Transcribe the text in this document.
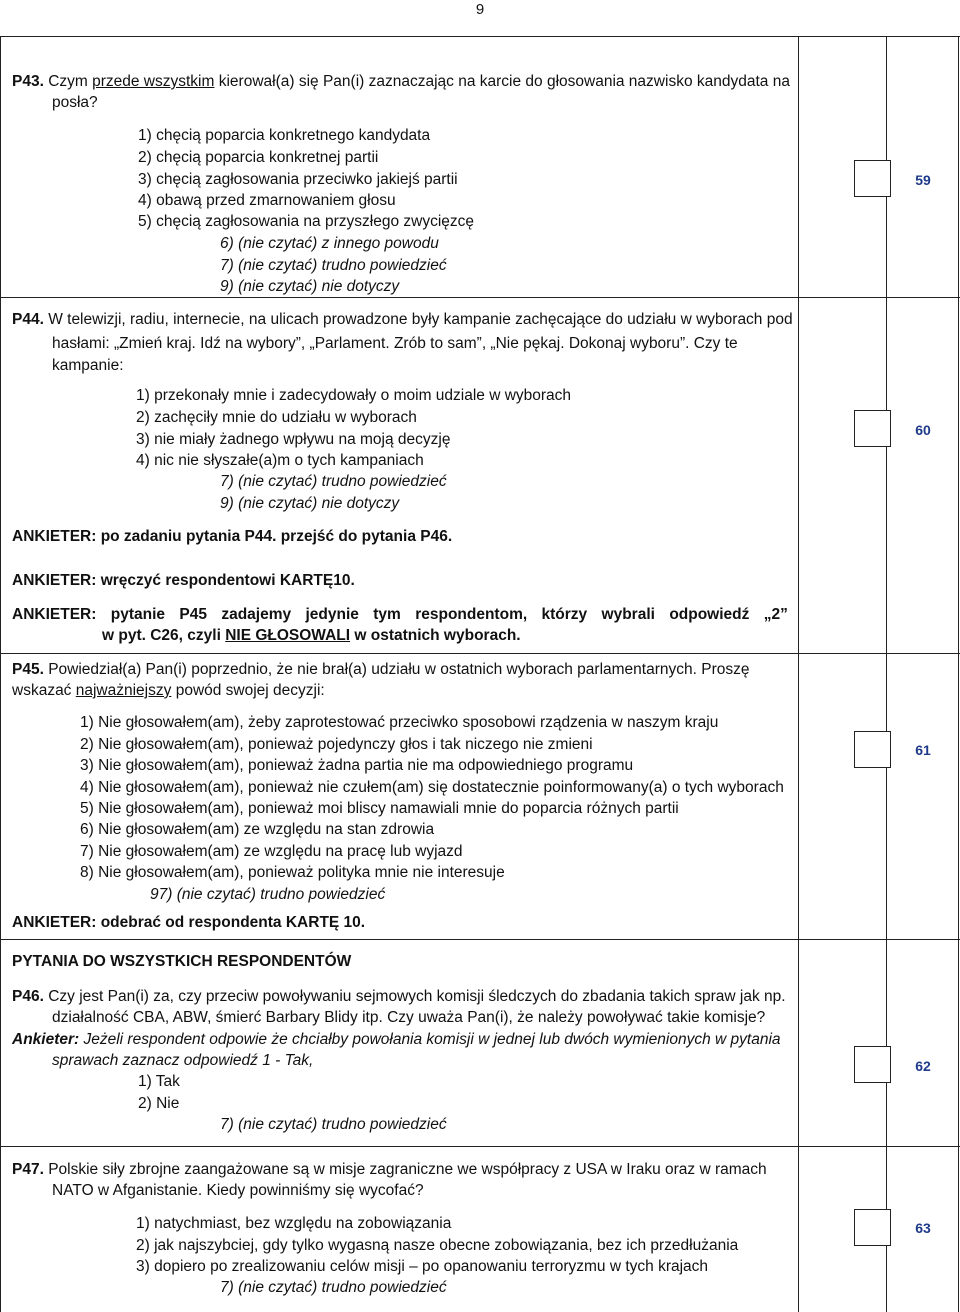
9
P43. Czym przede wszystkim kierował(a) się Pan(i) zaznaczając na karcie do głosowania nazwisko kandydata na
posła?
1) chęcią poparcia konkretnego kandydata
2) chęcią poparcia konkretnej partii
3) chęcią zagłosowania przeciwko jakiejś partii
4) obawą przed zmarnowaniem głosu
5) chęcią zagłosowania na przyszłego zwycięzcę
6) (nie czytać) z innego powodu
7) (nie czytać) trudno powiedzieć
9) (nie czytać) nie dotyczy
59
P44. W telewizji, radiu, internecie, na ulicach prowadzone były kampanie zachęcające do udziału w wyborach pod
hasłami: „Zmień kraj. Idź na wybory”, „Parlament. Zrób to sam”, „Nie pękaj. Dokonaj wyboru”. Czy te
kampanie:
1) przekonały mnie i zadecydowały o moim udziale w wyborach
2) zachęciły mnie do udziału w wyborach
3) nie miały żadnego wpływu na moją decyzję
4) nic nie słyszałe(a)m o tych kampaniach
7) (nie czytać) trudno powiedzieć
9) (nie czytać) nie dotyczy
ANKIETER: po zadaniu pytania P44. przejść do pytania P46.
60
ANKIETER: wręczyć respondentowi KARTĘ10.
ANKIETER: pytanie P45 zadajemy jedynie tym respondentom, którzy wybrali odpowiedź „2”
w pyt. C26, czyli NIE GŁOSOWALI w ostatnich wyborach.
P45. Powiedział(a) Pan(i) poprzednio, że nie brał(a) udziału w ostatnich wyborach parlamentarnych. Proszę
wskazać najważniejszy powód swojej decyzji:
1) Nie głosowałem(am), żeby zaprotestować przeciwko sposobowi rządzenia w naszym kraju
2) Nie głosowałem(am), ponieważ pojedynczy głos i tak niczego nie zmieni
3) Nie głosowałem(am), ponieważ żadna partia nie ma odpowiedniego programu
4) Nie głosowałem(am), ponieważ nie czułem(am) się dostatecznie poinformowany(a) o tych wyborach
5) Nie głosowałem(am), ponieważ moi bliscy namawiali mnie do poparcia różnych partii
6) Nie głosowałem(am) ze względu na stan zdrowia
7) Nie głosowałem(am) ze względu na pracę lub wyjazd
8) Nie głosowałem(am), ponieważ polityka mnie nie interesuje
97) (nie czytać) trudno powiedzieć
ANKIETER: odebrać od respondenta KARTĘ 10.
61
PYTANIA DO WSZYSTKICH RESPONDENTÓW
P46. Czy jest Pan(i) za, czy przeciw powoływaniu sejmowych komisji śledczych do zbadania takich spraw jak np.
działalność CBA, ABW, śmierć Barbary Blidy itp. Czy uważa Pan(i), że należy powoływać takie komisje?
Ankieter: Jeżeli respondent odpowie że chciałby powołania komisji w jednej lub dwóch wymienionych w pytania
sprawach zaznacz odpowiedź 1 - Tak,
1) Tak
2) Nie
7) (nie czytać) trudno powiedzieć
62
P47. Polskie siły zbrojne zaangażowane są w misje zagraniczne we współpracy z USA w Iraku oraz w ramach
NATO w Afganistanie. Kiedy powinniśmy się wycofać?
1) natychmiast, bez względu na zobowiązania
2) jak najszybciej, gdy tylko wygasną nasze obecne zobowiązania, bez ich przedłużania
3) dopiero po zrealizowaniu celów misji – po opanowaniu terroryzmu w tych krajach
7) (nie czytać) trudno powiedzieć
63
